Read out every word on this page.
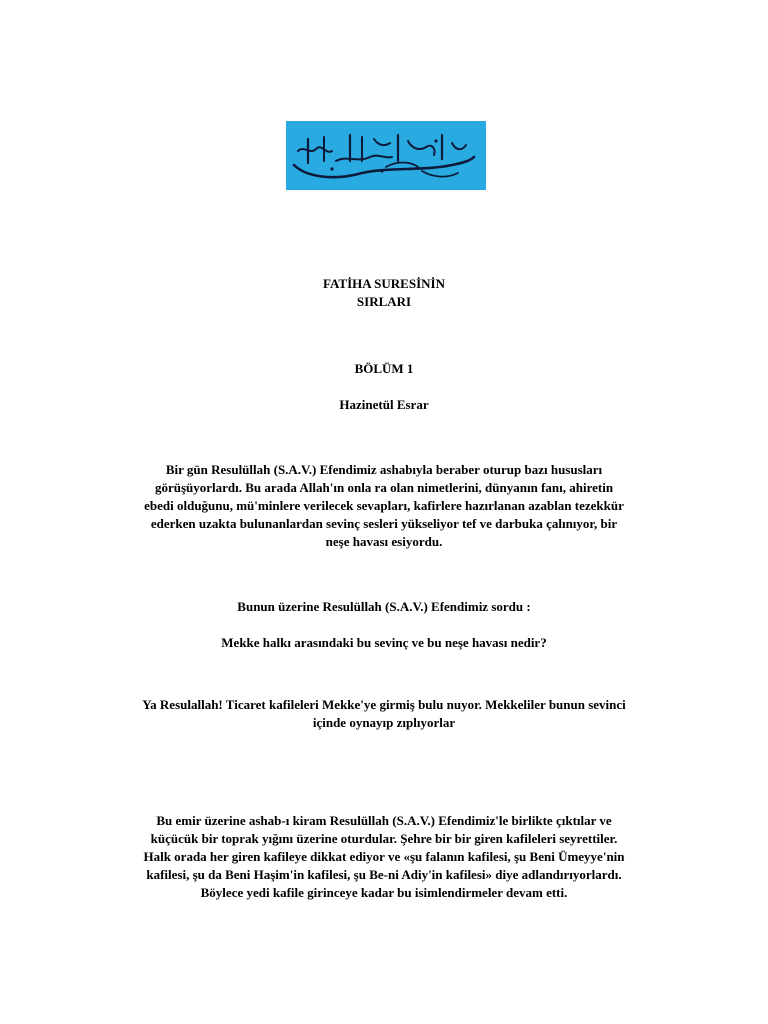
FATİHA SURESİNİN
SIRLARI
BÖLÜM 1
Hazinetül Esrar
Bir gün Resulüllah (S.A.V.) Efendimiz ashabıyla beraber oturup bazı hususları
görüşüyorlardı. Bu arada Allah'ın onla ra olan nimetlerini, dünyanın fanı, ahiretin
ebedi olduğunu, mü'minlere verilecek sevapları, kafirlere hazırlanan azablan tezekkür
ederken uzakta bulunanlardan sevinç sesleri yükseliyor tef ve darbuka çalınıyor, bir
neşe havası esiyordu.
Bunun üzerine Resulüllah (S.A.V.) Efendimiz sordu :
Mekke halkı arasındaki bu sevinç ve bu neşe havası nedir?
Ya Resulallah! Ticaret kafileleri Mekke'ye girmiş bulu nuyor. Mekkeliler bunun sevinci
içinde oynayıp zıplıyorlar
Bu emir üzerine ashab-ı kiram Resulüllah (S.A.V.) Efendimiz'le birlikte çıktılar ve
küçücük bir toprak yığını üzerine oturdular. Şehre bir bir giren kafileleri seyrettiler.
Halk orada her giren kafileye dikkat ediyor ve «şu falanın kafilesi, şu Beni Ümeyye'nin
kafilesi, şu da Beni Haşim'in kafilesi, şu Be-ni Adiy'in kafilesi» diye adlandırıyorlardı.
Böylece yedi kafile girinceye kadar bu isimlendirmeler devam etti.
